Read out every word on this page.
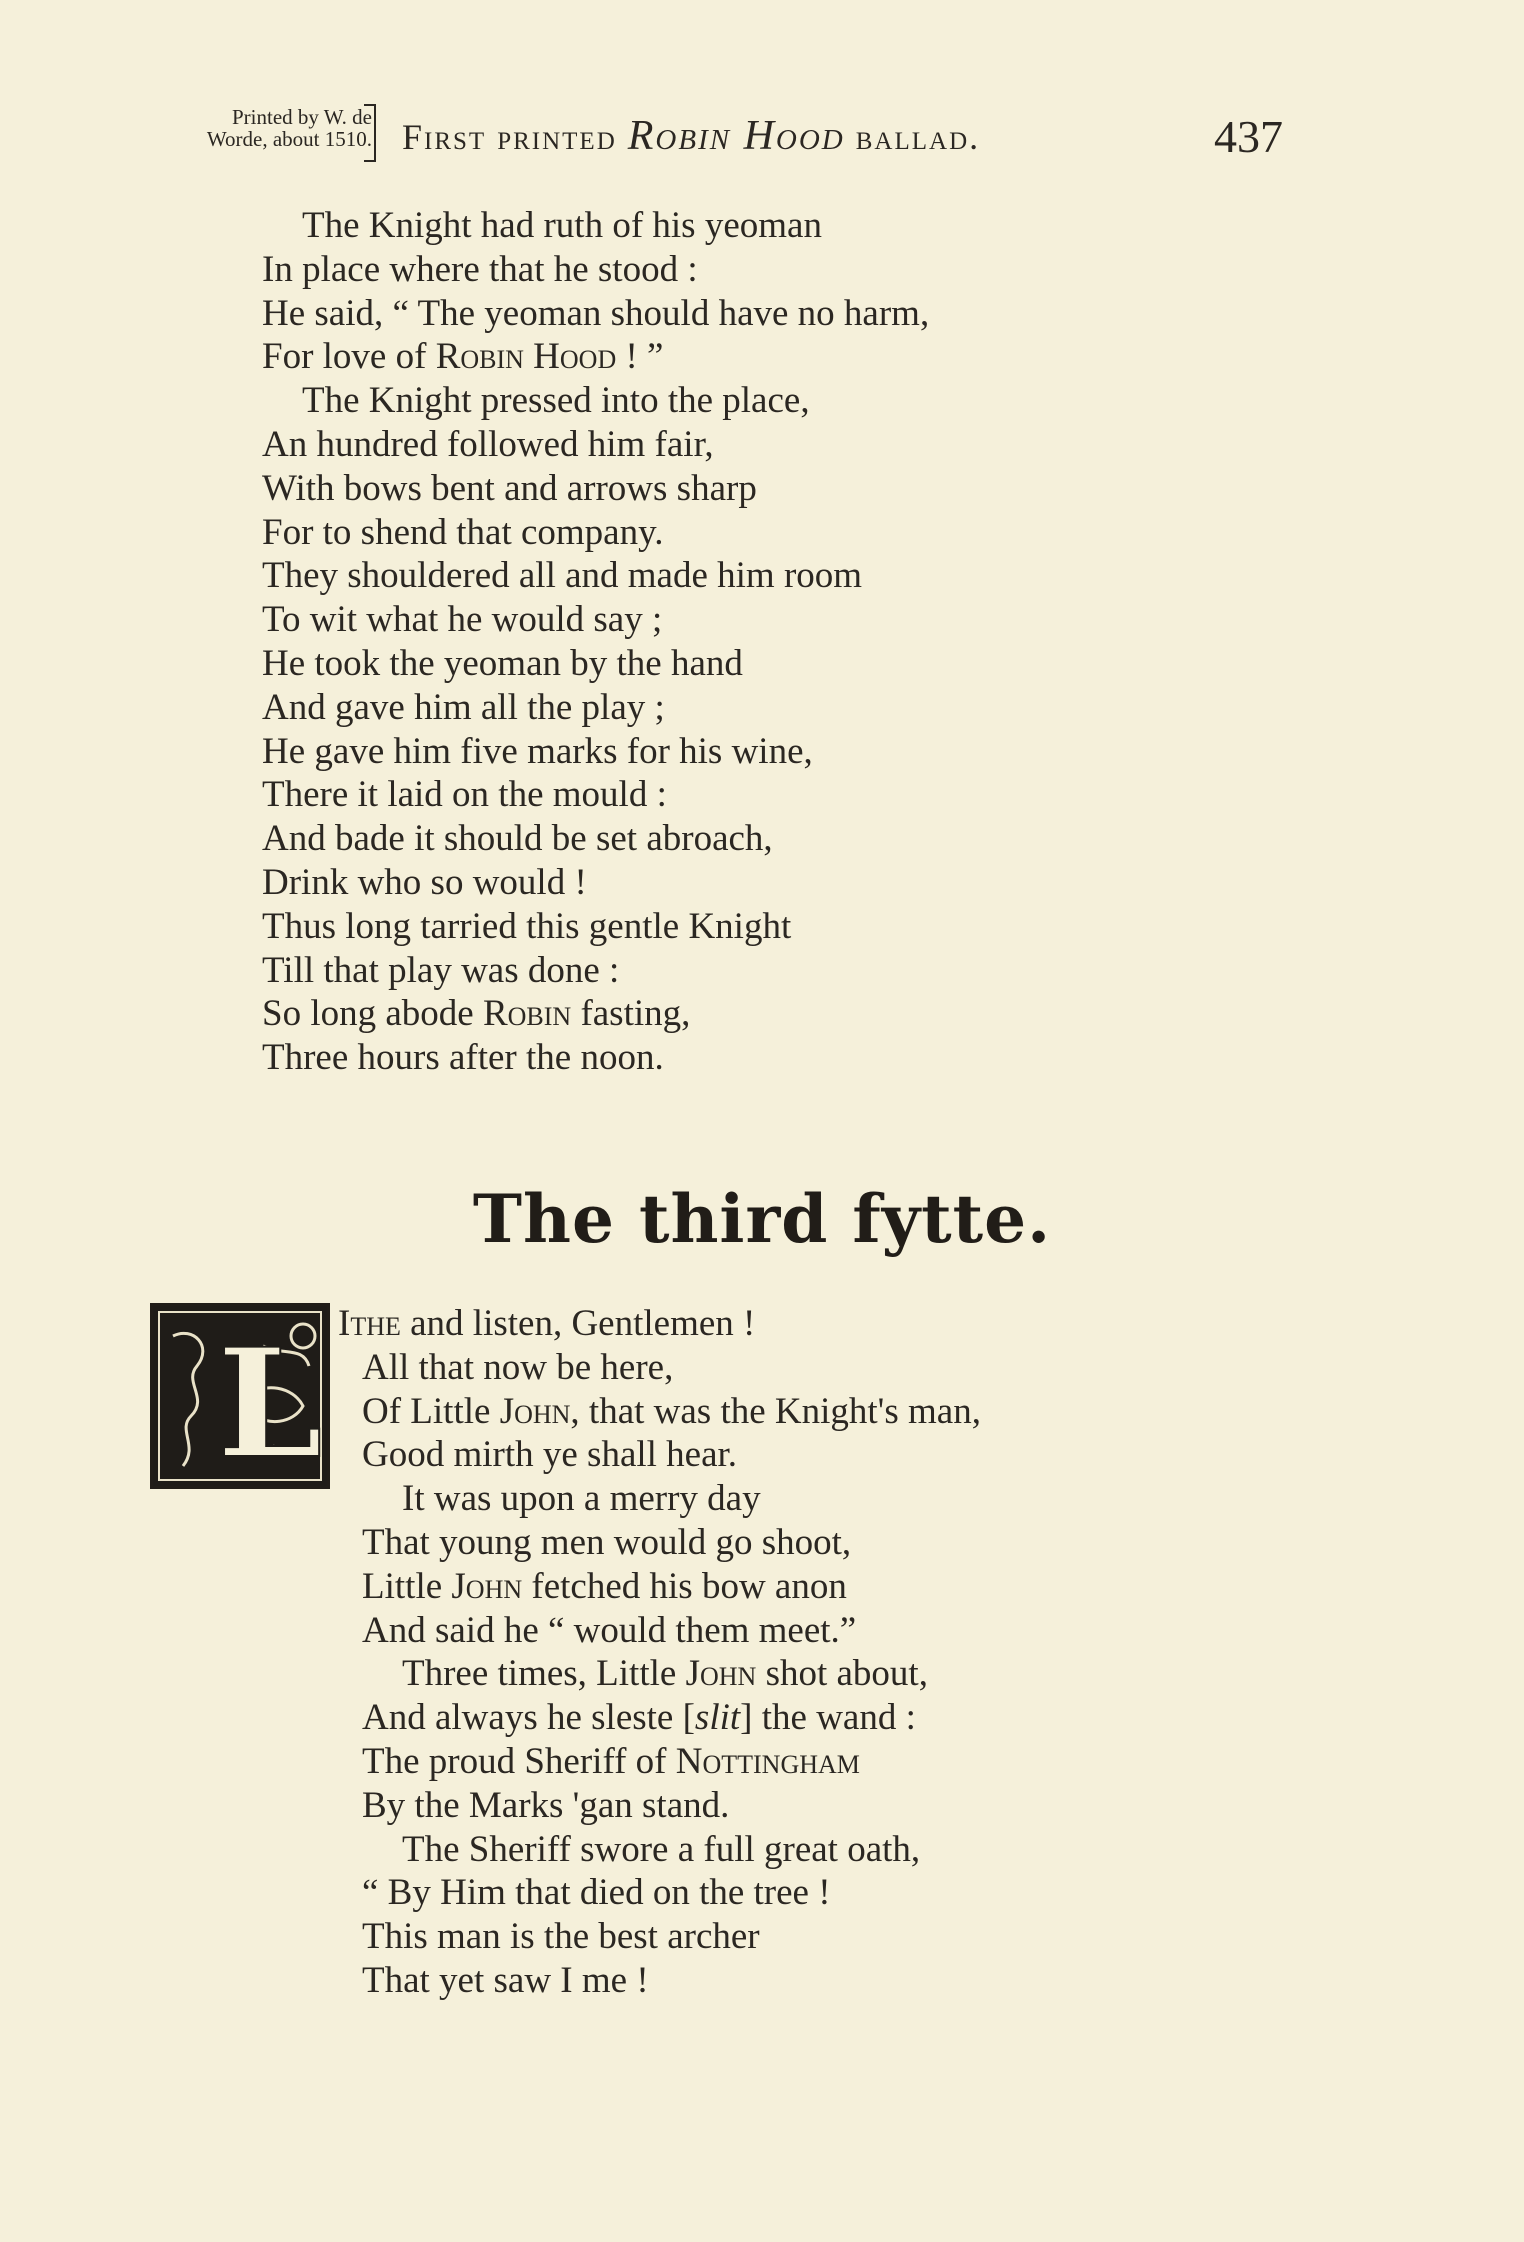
Printed by W. de
Worde, about 1510. First printed Robin Hood ballad.	437
The Knight had ruth of his yeoman
In place where that he stood :
He said, “ The yeoman should have no harm,
For love of Robin Hood ! ”
The Knight pressed into the place,
An hundred followed him fair,
With bows bent and arrows sharp
For to shend that company.
They shouldered all and made him room
To wit what he would say ;
He took the yeoman by the hand
And gave him all the play ;
He gave him five marks for his wine,
There it laid on the mould :
And bade it should be set abroach,
Drink who so would !
Thus long tarried this gentle Knight
Till that play was done :
So long abode Robin fasting,
Three hours after the noon.
The third fytte.
L Ithe and listen, Gentlemen !
All that now be here,
Of Little John, that was the Knight's man,
Good mirth ye shall hear.
It was upon a merry day
That young men would go shoot,
Little John fetched his bow anon
And said he “ would them meet.”
Three times, Little John shot about,
And always he sleste [slit] the wand :
The proud Sheriff of Nottingham
By the Marks 'gan stand.
The Sheriff swore a full great oath,
“ By Him that died on the tree !
This man is the best archer
That yet saw I me !
